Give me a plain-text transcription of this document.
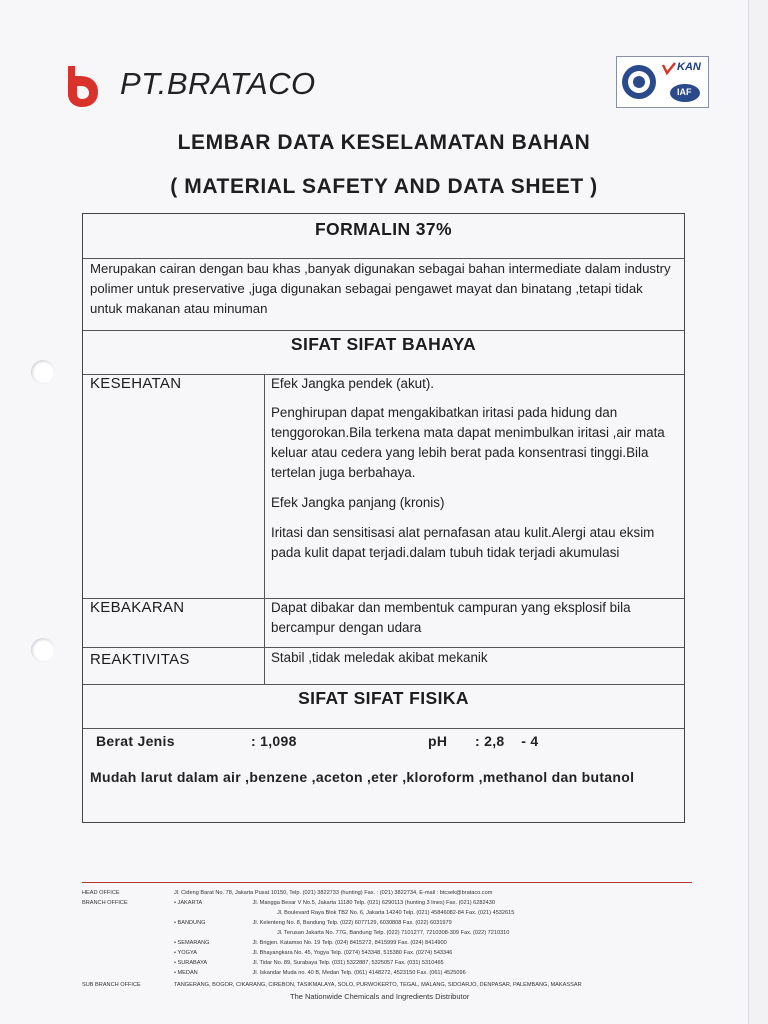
PT.BRATACO	KAN
IAF
LEMBAR DATA KESELAMATAN BAHAN
( MATERIAL SAFETY AND DATA SHEET )
FORMALIN 37%
Merupakan cairan dengan bau khas ,banyak digunakan sebagai bahan intermediate dalam industry polimer untuk preservative ,juga digunakan sebagai pengawet mayat dan binatang ,tetapi tidak untuk makanan atau minuman
SIFAT SIFAT BAHAYA
KESEHATAN	Efek Jangka pendek (akut).

Penghirupan dapat mengakibatkan iritasi pada hidung dan tenggorokan.Bila terkena mata dapat menimbulkan iritasi ,air mata keluar atau cedera yang lebih berat pada konsentrasi tinggi.Bila tertelan juga berbahaya.

Efek Jangka panjang (kronis)

Iritasi dan sensitisasi alat pernafasan atau kulit.Alergi atau eksim pada kulit dapat terjadi.dalam tubuh tidak terjadi akumulasi

KEBAKARAN	Dapat dibakar dan membentuk campuran yang eksplosif bila bercampur dengan udara
REAKTIVITAS	Stabil ,tidak meledak akibat mekanik
SIFAT SIFAT FISIKA
Berat Jenis	: 1,098	pH : 2,8    - 4
Mudah larut dalam air ,benzene ,aceton ,eter ,kloroform ,methanol dan butanol
HEAD OFFICE	Jl. Cideng Barat No. 78, Jakarta Pusat 10150, Telp. (021) 3822733 (hunting) Fax. : (021) 3822734, E-mail : btcsek@brataco.com
BRANCH OFFICE	• JAKARTA	Jl. Mangga Besar V No.5, Jakarta 11180 Telp. (021) 6290113 (hunting 3 lines) Fax. (021) 6282430
Jl. Boulevard Raya Blok TB2 No. 6, Jakarta 14240 Telp. (021) 45846082-84 Fax. (021) 4532615
• BANDUNG	Jl. Kelenteng No. 8, Bandung Telp. (022) 6077129, 6030808 Fax. (022) 6031979
Jl. Terusan Jakarta No. 77G, Bandung Telp. (022) 7101277, 7210308-309 Fax. (022) 7210310
• SEMARANG	Jl. Brigjen. Katamso No. 19 Telp. (024) 8415272, 8415999 Fax. (024) 8414900
• YOGYA	Jl. Bhayangkara No. 45, Yogya Telp. (0274) 543348, 515380 Fax. (0274) 543346
• SURABAYA	Jl. Tidar No. 89, Surabaya Telp. (031) 5322887, 5325057 Fax. (031) 5310465
• MEDAN	Jl. Iskandar Muda no. 40 B, Medan Telp. (061) 4148272, 4523150 Fax. (061) 4525096
SUB BRANCH OFFICE	TANGERANG, BOGOR, CIKARANG, CIREBON, TASIKMALAYA, SOLO, PURWOKERTO, TEGAL, MALANG, SIDOARJO, DENPASAR, PALEMBANG, MAKASSAR
The Nationwide Chemicals and Ingredients Distributor
